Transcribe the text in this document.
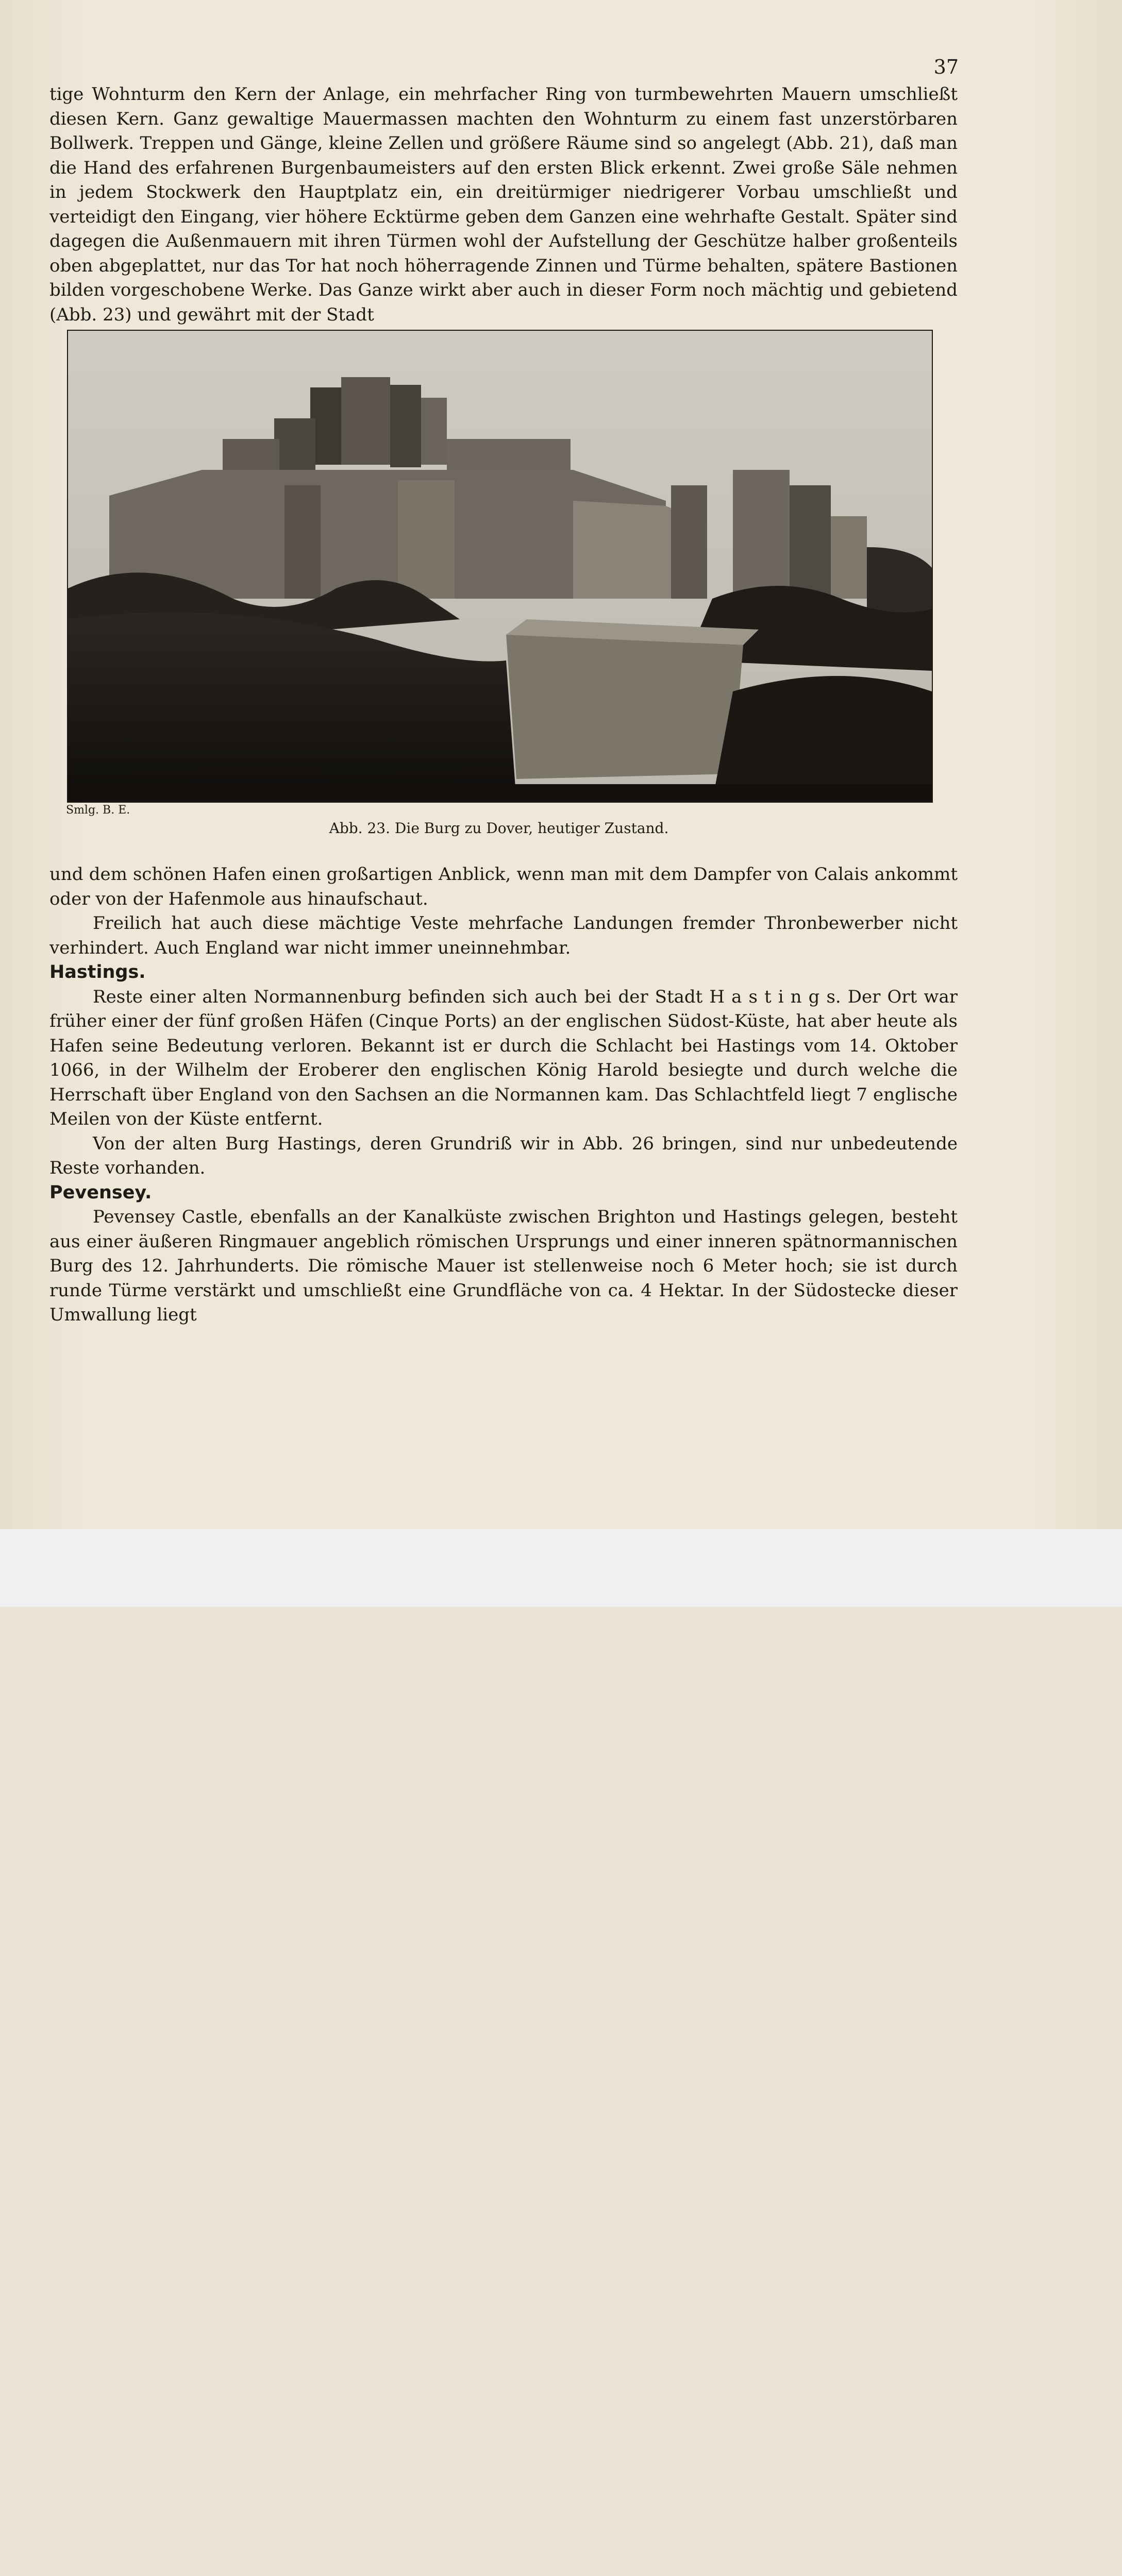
37

tige Wohnturm den Kern der Anlage, ein mehrfacher Ring von turmbewehrten Mauern umschließt diesen Kern. Ganz gewaltige Mauermassen machten den Wohnturm zu einem fast unzerstörbaren Bollwerk. Treppen und Gänge, kleine Zellen und größere Räume sind so angelegt (Abb. 21), daß man die Hand des erfahrenen Burgenbaumeisters auf den ersten Blick erkennt. Zwei große Säle nehmen in jedem Stockwerk den Hauptplatz ein, ein dreitürmiger niedrigerer Vorbau umschließt und verteidigt den Eingang, vier höhere Ecktürme geben dem Ganzen eine wehrhafte Gestalt. Später sind dagegen die Außenmauern mit ihren Türmen wohl der Aufstellung der Geschütze halber großenteils oben abgeplattet, nur das Tor hat noch höherragende Zinnen und Türme behalten, spätere Bastionen bilden vorgeschobene Werke. Das Ganze wirkt aber auch in dieser Form noch mächtig und gebietend (Abb. 23) und gewährt mit der Stadt

Smlg. B. E.
Abb. 23. Die Burg zu Dover, heutiger Zustand.

und dem schönen Hafen einen großartigen Anblick, wenn man mit dem Dampfer von Calais ankommt oder von der Hafenmole aus hinaufschaut.

Freilich hat auch diese mächtige Veste mehrfache Landungen fremder Thronbewerber nicht verhindert. Auch England war nicht immer uneinnehmbar.

Hastings.

Reste einer alten Normannenburg befinden sich auch bei der Stadt H a s t i n g s. Der Ort war früher einer der fünf großen Häfen (Cinque Ports) an der englischen Südost-Küste, hat aber heute als Hafen seine Bedeutung verloren. Bekannt ist er durch die Schlacht bei Hastings vom 14. Oktober 1066, in der Wilhelm der Eroberer den englischen König Harold besiegte und durch welche die Herrschaft über England von den Sachsen an die Normannen kam. Das Schlachtfeld liegt 7 englische Meilen von der Küste entfernt.

Von der alten Burg Hastings, deren Grundriß wir in Abb. 26 bringen, sind nur unbedeutende Reste vorhanden.

Pevensey.

Pevensey Castle, ebenfalls an der Kanalküste zwischen Brighton und Hastings gelegen, besteht aus einer äußeren Ringmauer angeblich römischen Ursprungs und einer inneren spätnormannischen Burg des 12. Jahrhunderts. Die römische Mauer ist stellenweise noch 6 Meter hoch; sie ist durch runde Türme verstärkt und umschließt eine Grundfläche von ca. 4 Hektar. In der Südostecke dieser Umwallung liegt
